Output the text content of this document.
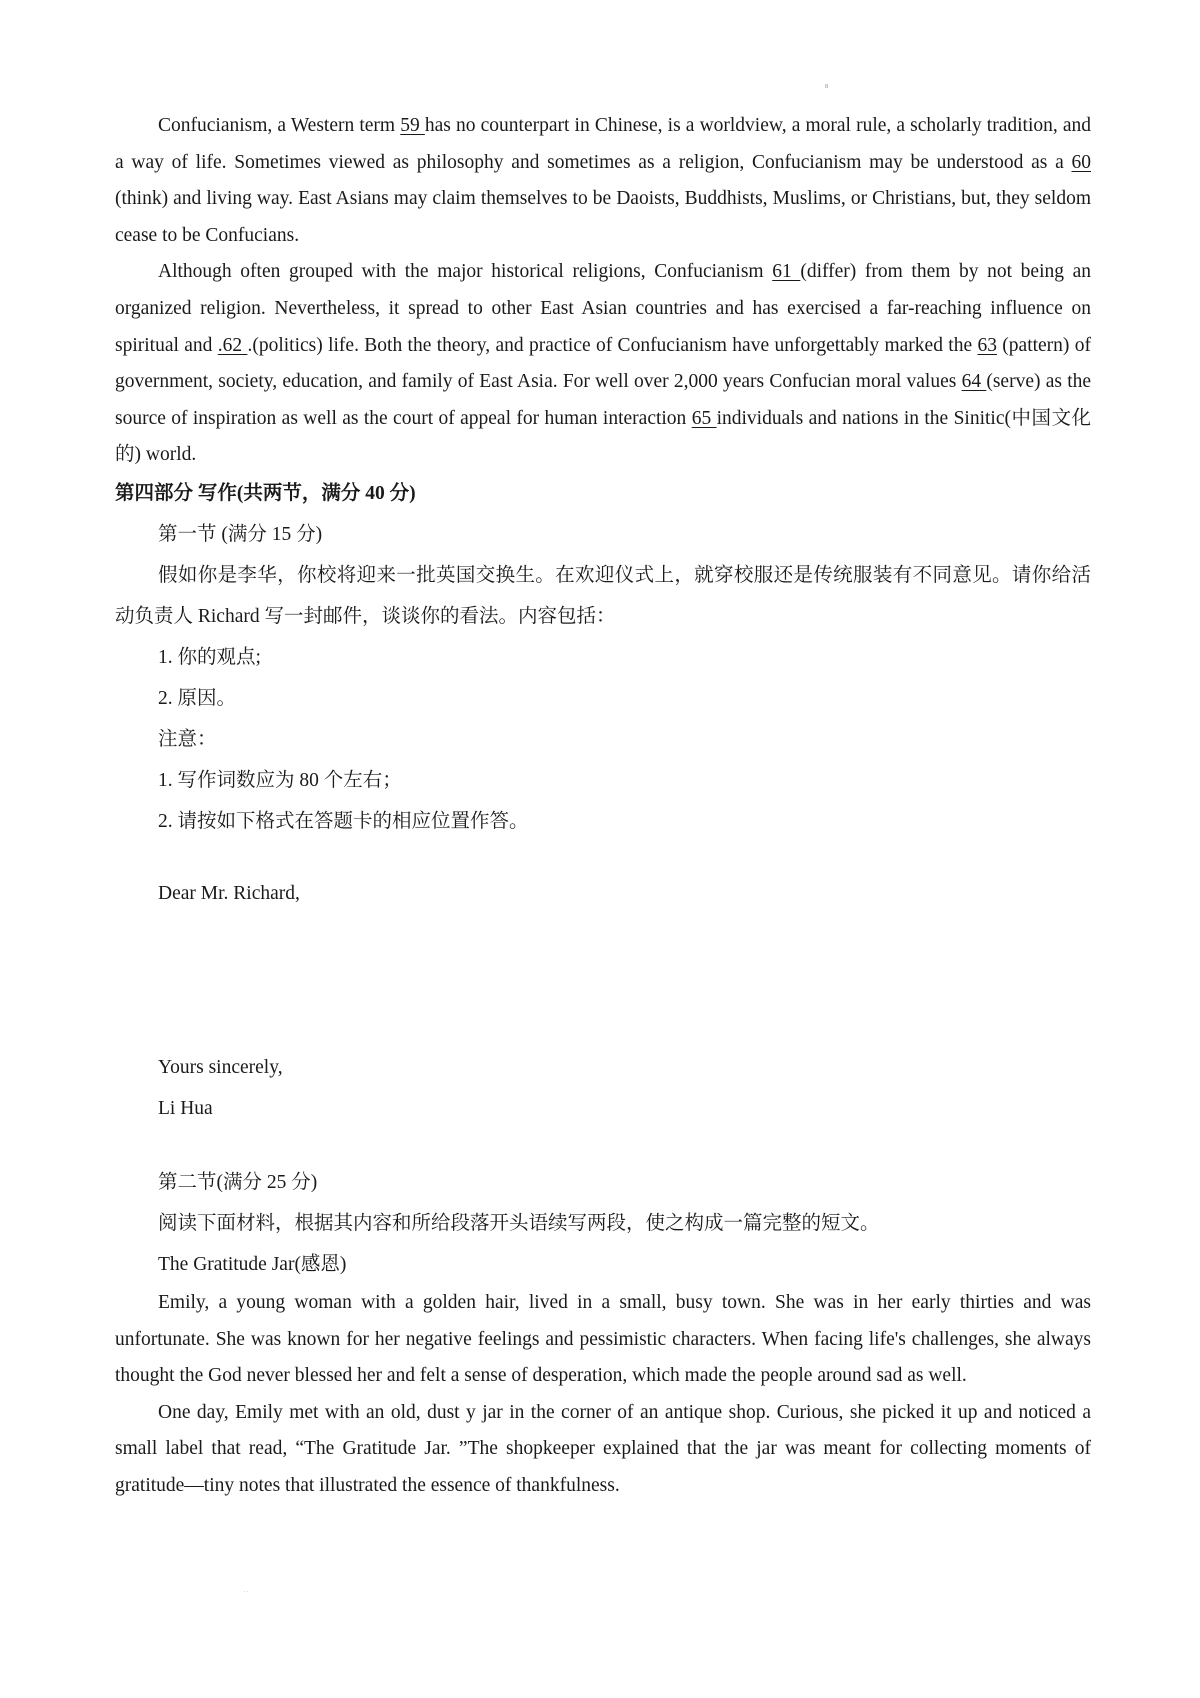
8

Confucianism, a Western term 59 has no counterpart in Chinese, is a worldview, a moral rule, a scholarly tradition, and a way of life. Sometimes viewed as philosophy and sometimes as a religion, Confucianism may be understood as a 60 (think) and living way. East Asians may claim themselves to be Daoists, Buddhists, Muslims, or Christians, but, they seldom cease to be Confucians.

Although often grouped with the major historical religions, Confucianism 61 (differ) from them by not being an organized religion. Nevertheless, it spread to other East Asian countries and has exercised a far-reaching influence on spiritual and .62 .(politics) life. Both the theory, and practice of Confucianism have unforgettably marked the 63 (pattern) of government, society, education, and family of East Asia. For well over 2,000 years Confucian moral values 64 (serve) as the source of inspiration as well as the court of appeal for human interaction 65 individuals and nations in the Sinitic(中国文化的) world.

第四部分 写作(共两节，满分 40 分)

第一节 (满分 15 分)

假如你是李华，你校将迎来一批英国交换生。在欢迎仪式上，就穿校服还是传统服装有不同意见。请你给活动负责人 Richard 写一封邮件，谈谈你的看法。内容包括：

1. 你的观点;

2. 原因。

注意：

1. 写作词数应为 80 个左右；

2. 请按如下格式在答题卡的相应位置作答。

Dear Mr. Richard,

Yours sincerely,

Li Hua

第二节(满分 25 分)

阅读下面材料，根据其内容和所给段落开头语续写两段，使之构成一篇完整的短文。

The Gratitude Jar(感恩)

Emily, a young woman with a golden hair, lived in a small, busy town. She was in her early thirties and was unfortunate. She was known for her negative feelings and pessimistic characters. When facing life's challenges, she always thought the God never blessed her and felt a sense of desperation, which made the people around sad as well.

One day, Emily met with an old, dust y jar in the corner of an antique shop. Curious, she picked it up and noticed a small label that read, “The Gratitude Jar. ”The shopkeeper explained that the jar was meant for collecting moments of gratitude—tiny notes that illustrated the essence of thankfulness.

. .
